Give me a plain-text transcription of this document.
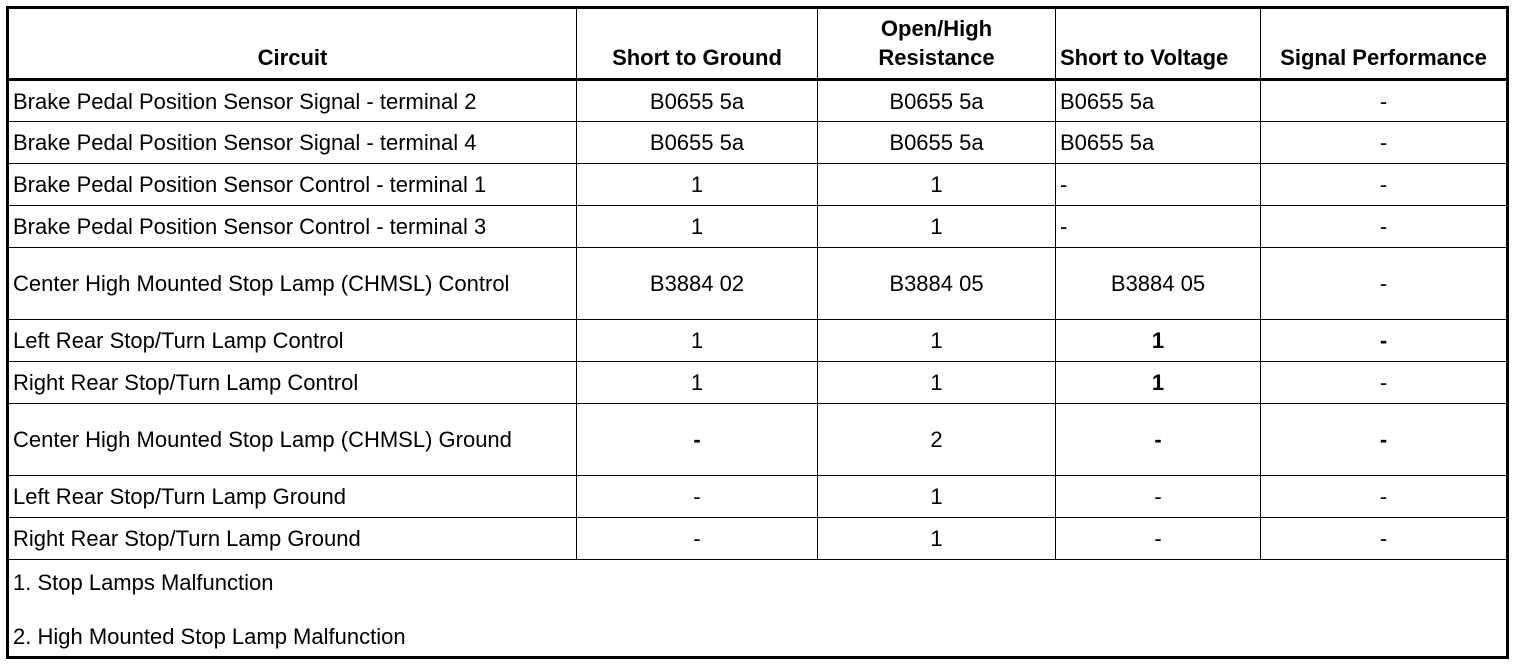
Circuit	Short to Ground	Open/High Resistance	Short to Voltage	Signal Performance
Brake Pedal Position Sensor Signal - terminal 2	B0655 5a	B0655 5a	B0655 5a	-
Brake Pedal Position Sensor Signal - terminal 4	B0655 5a	B0655 5a	B0655 5a	-
Brake Pedal Position Sensor Control - terminal 1	1	1	-	-
Brake Pedal Position Sensor Control - terminal 3	1	1	-	-
Center High Mounted Stop Lamp (CHMSL) Control	B3884 02	B3884 05	B3884 05	-
Left Rear Stop/Turn Lamp Control	1	1	1	-
Right Rear Stop/Turn Lamp Control	1	1	1	-
Center High Mounted Stop Lamp (CHMSL) Ground	-	2	-	-
Left Rear Stop/Turn Lamp Ground	-	1	-	-
Right Rear Stop/Turn Lamp Ground	-	1	-	-

1. Stop Lamps Malfunction
2. High Mounted Stop Lamp Malfunction				
